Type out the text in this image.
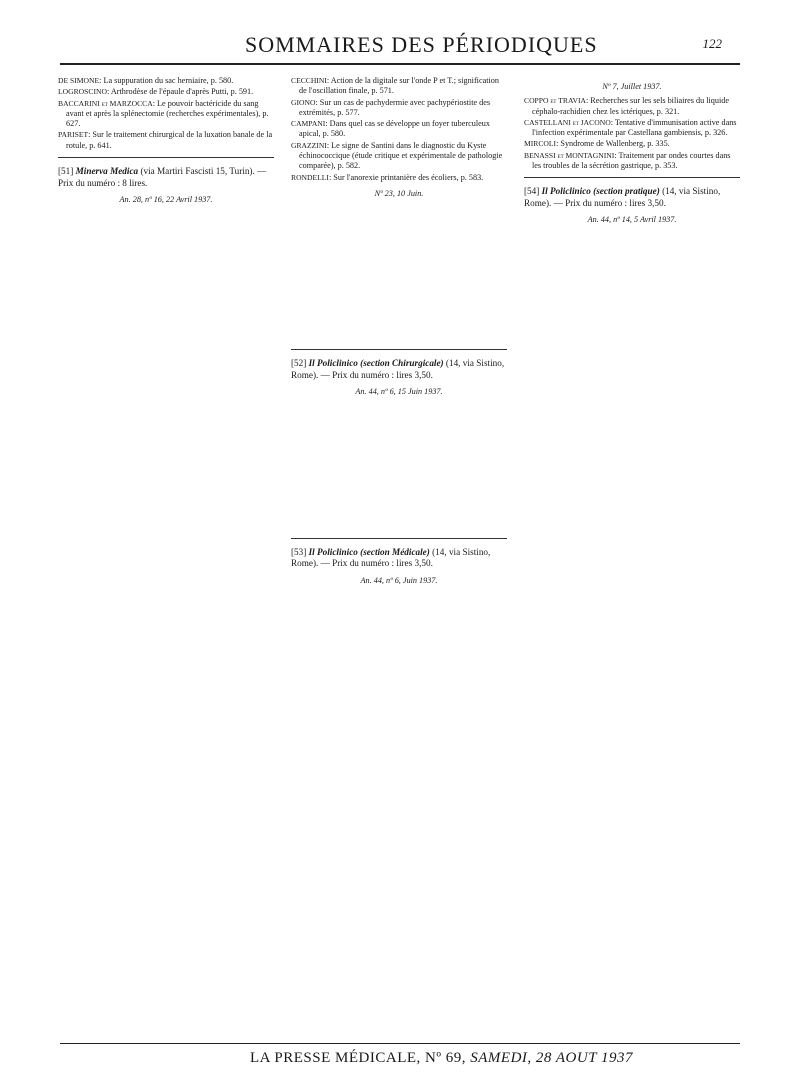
SOMMAIRES DES PÉRIODIQUES	122

DE SIMONE: La suppuration du sac herniaire, p. 580.

LOGROSCINO: Arthrodèse de l'épaule d'après Putti, p. 591.

BACCARINI et MARZOCCA: Le pouvoir bactéricide du sang avant et après la splénectomie (recherches expérimentales), p. 627.

PARISET: Sur le traitement chirurgical de la luxation banale de la rotule, p. 641.

[51] Minerva Medica (via Martiri Fascisti 15, Turin). — Prix du numéro : 8 lires.
An. 28, nº 16, 22 Avril 1937.

CECCHINI: Action de la digitale sur l'onde P et T.; signification de l'oscillation finale, p. 571.

GIONO: Sur un cas de pachydermie avec pachypériostite des extrémités, p. 577.

CAMPANI: Dans quel cas se développe un foyer tuberculeux apical, p. 580.

GRAZZINI: Le signe de Santini dans le diagnostic du Kyste échinococcique (étude critique et expérimentale de pathologie comparée), p. 582.

RONDELLI: Sur l'anorexie printanière des écoliers, p. 583.

Nº 23, 10 Juin.
[52] Il Policlinico (section Chirurgicale) (14, via Sistino, Rome). — Prix du numéro : lires 3,50.
An. 44, nº 6, 15 Juin 1937.
[53] Il Policlinico (section Médicale) (14, via Sistino, Rome). — Prix du numéro : lires 3,50.
An. 44, nº 6, Juin 1937.
Nº 7, Juillet 1937.

COPPO et TRAVIA: Recherches sur les sels biliaires du liquide céphalo-rachidien chez les ictériques, p. 321.

CASTELLANI et JACONO: Tentative d'immunisation active dans l'infection expérimentale par Castellana gambiensis, p. 326.

MIRCOLI: Syndrome de Wallenberg, p. 335.

BENASSI et MONTAGNINI: Traitement par ondes courtes dans les troubles de la sécrétion gastrique, p. 353.

[54] Il Policlinico (section pratique) (14, via Sistino, Rome). — Prix du numéro : lires 3,50.
An. 44, nº 14, 5 Avril 1937.
LA PRESSE MÉDICALE, Nº 69, SAMEDI, 28 AOUT 1937
